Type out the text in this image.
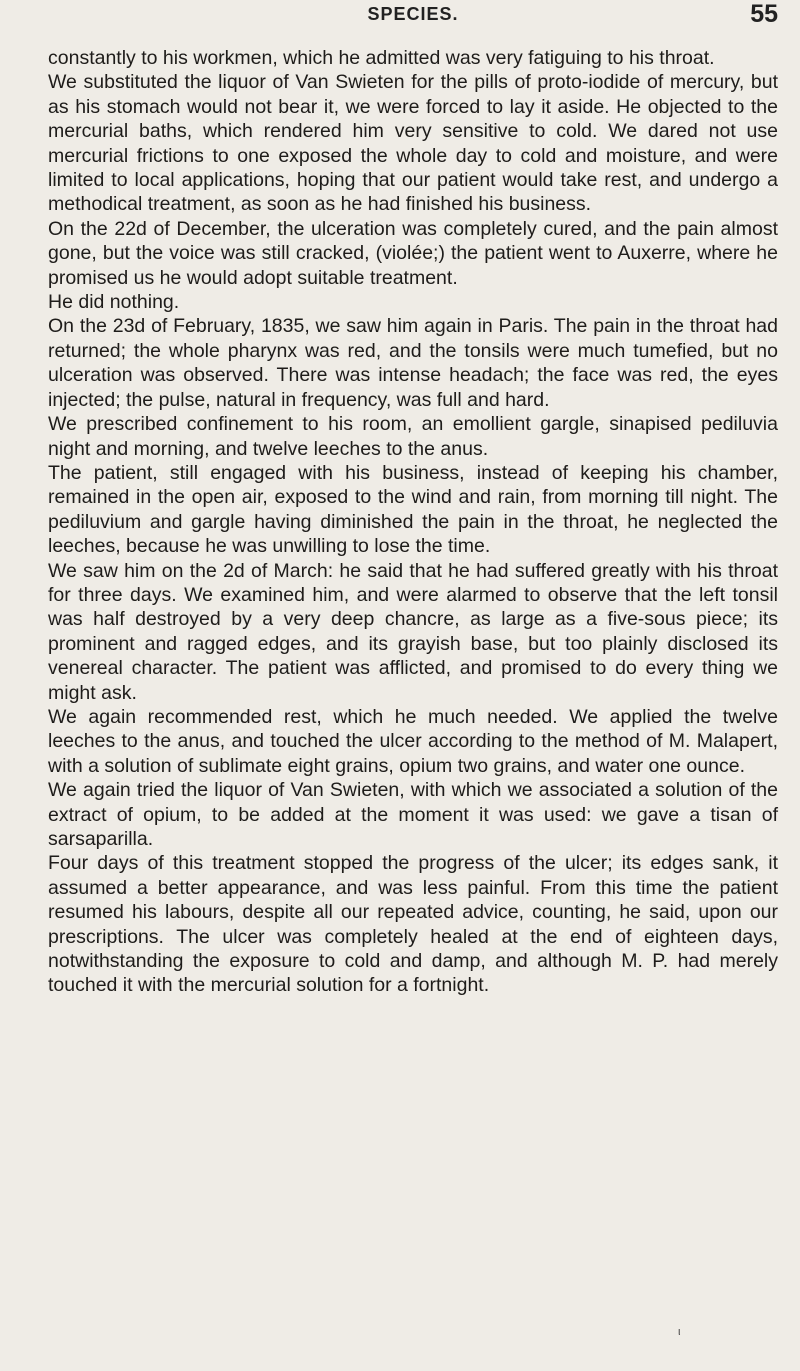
SPECIES.	55

constantly to his workmen, which he admitted was very fatiguing to his throat.

We substituted the liquor of Van Swieten for the pills of proto-iodide of mercury, but as his stomach would not bear it, we were forced to lay it aside. He objected to the mercurial baths, which rendered him very sensitive to cold. We dared not use mercurial frictions to one exposed the whole day to cold and moisture, and were limited to local applications, hoping that our patient would take rest, and undergo a methodical treatment, as soon as he had finished his business.

On the 22d of December, the ulceration was completely cured, and the pain almost gone, but the voice was still cracked, (violée;) the patient went to Auxerre, where he promised us he would adopt suitable treatment.

He did nothing.

On the 23d of February, 1835, we saw him again in Paris. The pain in the throat had returned; the whole pharynx was red, and the tonsils were much tumefied, but no ulceration was observed. There was intense headach; the face was red, the eyes injected; the pulse, natural in frequency, was full and hard.

We prescribed confinement to his room, an emollient gargle, sinapised pediluvia night and morning, and twelve leeches to the anus.

The patient, still engaged with his business, instead of keeping his chamber, remained in the open air, exposed to the wind and rain, from morning till night. The pediluvium and gargle having diminished the pain in the throat, he neglected the leeches, because he was unwilling to lose the time.

We saw him on the 2d of March: he said that he had suffered greatly with his throat for three days. We examined him, and were alarmed to observe that the left tonsil was half destroyed by a very deep chancre, as large as a five-sous piece; its prominent and ragged edges, and its grayish base, but too plainly disclosed its venereal character. The patient was afflicted, and promised to do every thing we might ask.

We again recommended rest, which he much needed. We applied the twelve leeches to the anus, and touched the ulcer according to the method of M. Malapert, with a solution of sublimate eight grains, opium two grains, and water one ounce.

We again tried the liquor of Van Swieten, with which we associated a solution of the extract of opium, to be added at the moment it was used: we gave a tisan of sarsaparilla.

Four days of this treatment stopped the progress of the ulcer; its edges sank, it assumed a better appearance, and was less painful. From this time the patient resumed his labours, despite all our repeated advice, counting, he said, upon our prescriptions. The ulcer was completely healed at the end of eighteen days, notwithstanding the exposure to cold and damp, and although M. P. had merely touched it with the mercurial solution for a fortnight.

ι
